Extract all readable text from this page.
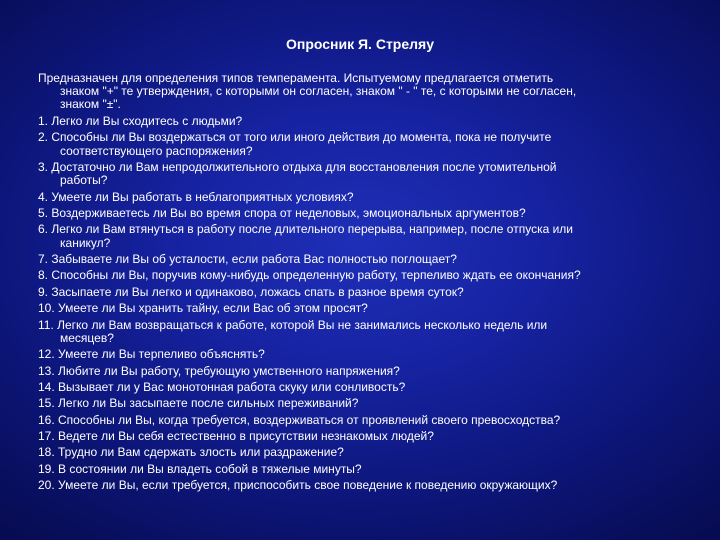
Опросник Я. Стреляу

Предназначен для определения типов темперамента. Испытуемому предлагается отметить
знаком "+" те утверждения, с которыми он согласен, знаком " - " те, с которыми не согласен,
знаком "±".

1. Легко ли Вы сходитесь с людьми?
2. Способны ли Вы воздержаться от того или иного действия до момента, пока не получите
соответствующего распоряжения?
3. Достаточно ли Вам непродолжительного отдыха для восстановления после утомительной
работы?
4. Умеете ли Вы работать в неблагоприятных условиях?
5. Воздерживаетесь ли Вы во время спора от неделовых, эмоциональных аргументов?
6. Легко ли Вам втянуться в работу после длительного перерыва, например, после отпуска или
каникул?
7. Забываете ли Вы об усталости, если работа Вас полностью поглощает?
8. Способны ли Вы, поручив кому-нибудь определенную работу, терпеливо ждать ее окончания?
9. Засыпаете ли Вы легко и одинаково, ложась спать в разное время суток?
10. Умеете ли Вы хранить тайну, если Вас об этом просят?
11. Легко ли Вам возвращаться к работе, которой Вы не занимались несколько недель или
месяцев?
12. Умеете ли Вы терпеливо объяснять?
13. Любите ли Вы работу, требующую умственного напряжения?
14. Вызывает ли у Вас монотонная работа скуку или сонливость?
15. Легко ли Вы засыпаете после сильных переживаний?
16. Способны ли Вы, когда требуется, воздерживаться от проявлений своего превосходства?
17. Ведете ли Вы себя естественно в присутствии незнакомых людей?
18. Трудно ли Вам сдержать злость или раздражение?
19. В состоянии ли Вы владеть собой в тяжелые минуты?
20. Умеете ли Вы, если требуется, приспособить свое поведение к поведению окружающих?
